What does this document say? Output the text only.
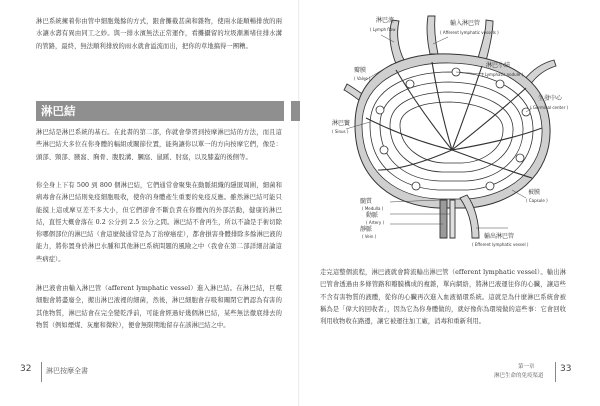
淋巴系統擁着你由管中細胞幾餘的方式，跟會攤截甚菌和雜物，使兩水能順暢排放的兩水讓水壽有異由同工之妙。與一排水濱無法正常運作，看攤攝留的垃圾漸漸堵住排水溝的管路，最終，無法順利排放的雨水就會溢流而出，把你的草地搞得一團糟。

淋巴結

淋巴結是淋巴系統的基石。在此書的第二部，你就會學習到按摩淋巴結的方法，而且這些淋巴結大多位在你身體的幅組或關節位置，能夠讓你以單一的方向按摩它們，像是：頭部、頸部、腋窩、胸骨、腹股溝、膕窩、鼠蹊、肘窩，以及膝蓋的後側等。

你全身上下有 500 到 800 個淋巴結，它們通常會聚集在動脈組織的隱匿周圍，細菌和病毒會在淋巴結則免疫細胞吸收，使你的身體產生重要的免疫反應。雖然淋巴結可能只能摸上這或摩豆差不多大小，但它們卻會不斷負責在你體內的外部活動，健康的淋巴結，直徑大概會落在 0.2 公分到 2.5 公分之間。淋巴結不會再生，所以不論是手術切除你哪個部位的淋巴結（會這麼做通常是為了治療癌症），都會損害身體排除多餘淋巴液的能力，將你置身於淋巴水腫和其他淋巴系統問題的風險之中（我會在第二部詳細討論這些病症）。

淋巴液會由輸入淋巴管（afferent lymphatic vessel）進入淋巴結。在淋巴結，巨噬細胞會將盡廢全，搬出淋巴液裡的細菌，然後，淋巴細胞會存吸和關閉它們認為有害的其他物質，淋巴結會在完全變乾淨前，可能會經過好幾個淋巴結，某些無法徹底排去的物質（例如煙煤、灰塵和微粒），便會無限期地留存在該淋巴結之中。

32 淋巴按摩全書
淋巴流
( Lymph flow )
輸入淋巴管
( Afferent lymphatic vessels )
瓣膜
( Valve )
淋巴小結
( Lymphatic nodule )
生發中心
( Germinal center )
淋巴竇
( Sinus )
髓質
( Medulla )
動脈
( Artery )
靜脈
( Vein )
被膜
( Capsule )
輸出淋巴管
( Efferent lymphatic vessel )

走完這整個流程，淋巴液就會跨流輸出淋巴管（efferent lymphatic vessel）。輸出淋巴管會透過由多條管路和瓣膜構成的複雜，單向網絡，將淋巴液運往你的心臟，讓這些不含有害物質的液體，從你的心臟再次進入血液循環系統。這就是為什麼淋巴系統會被稱為是「偉大的回收者」，因為它為你身體做的，就好像你為環境做的這些事：它會回收利用收物收在路邊，讓它被運往加工廠，消毒和重新利用。

第一章
淋巴生命的免疫渠道
33
